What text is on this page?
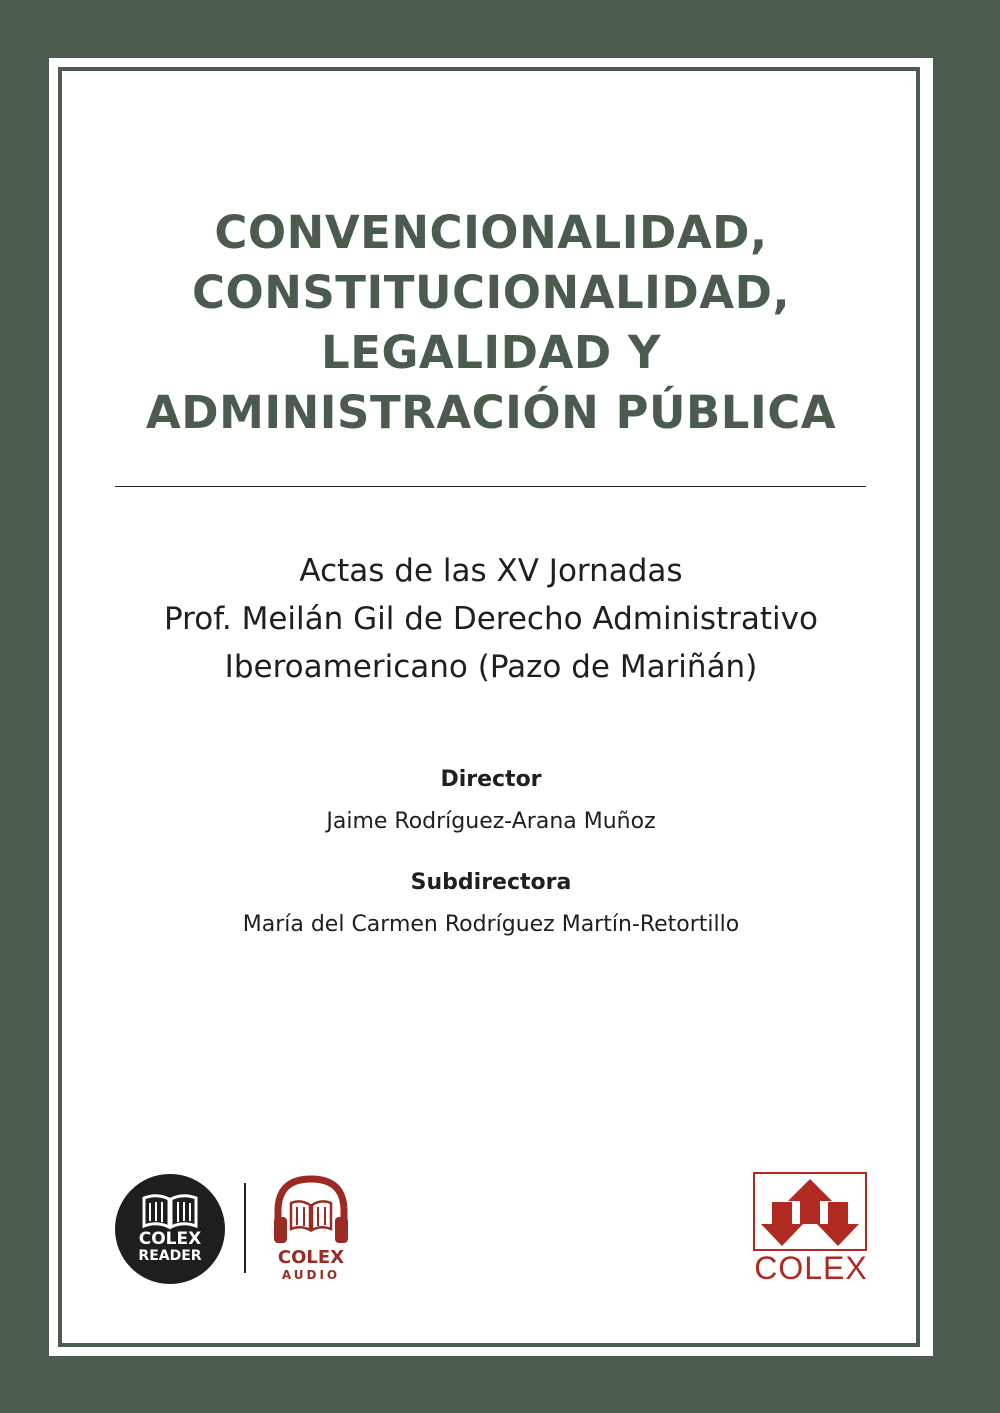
CONVENCIONALIDAD,
CONSTITUCIONALIDAD,
LEGALIDAD Y
ADMINISTRACIÓN PÚBLICA
Actas de las XV Jornadas
Prof. Meilán Gil de Derecho Administrativo
Iberoamericano (Pazo de Mariñán)
Director
Jaime Rodríguez-Arana Muñoz
Subdirectora
María del Carmen Rodríguez Martín-Retortillo
COLEX
READER	COLEX
AUDIO	COLEX
